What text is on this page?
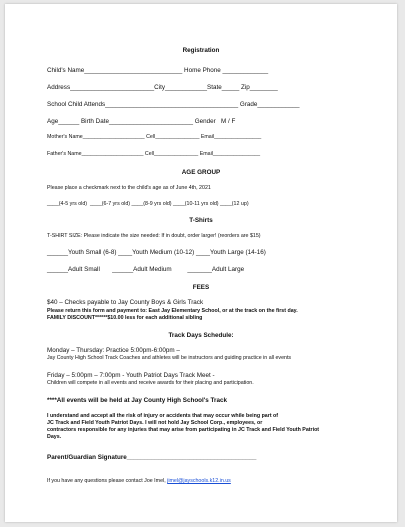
Registration
Child's Name____________________________ Home Phone _____________
Address________________________City____________State_____ Zip________
School Child Attends______________________________________ Grade____________
Age______ Birth Date________________________ Gender   M / F
Mother's Name_____________________ Cell_______________ Email________________
Father's Name_____________________ Cell_______________ Email________________
AGE GROUP
Please place a checkmark next to the child's age as of June 4th, 2021
____(4-5 yrs old)  ____(6-7 yrs old) ____(8-9 yrs old) ____(10-11 yrs old) ____(12 up)
T-Shirts
T-SHIRT SIZE: Please indicate the size needed: If in doubt, order larger! (reorders are $15)
______Youth Small (6-8) ____Youth Medium (10-12) ____Youth Large (14-16)
______Adult Small       ______Adult Medium         _______Adult Large
FEES
$40 – Checks payable to Jay County Boys & Girls Track
Please return this form and payment to: East Jay Elementary School, or at the track on the first day.
FAMILY DISCOUNT******$10.00 less for each additional sibling
Track Days Schedule:
Monday – Thursday: Practice 5:00pm-6:00pm –
Jay County High School Track Coaches and athletes will be instructors and guiding practice in all events
Friday – 5:00pm – 7:00pm - Youth Patriot Days Track Meet -
Children will compete in all events and receive awards for their placing and participation.
****All events will be held at Jay County High School's Track
I understand and accept all the risk of injury or accidents that may occur while being part of
JC Track and Field Youth Patriot Days. I will not hold Jay School Corp., employees, or
contractors responsible for any injuries that may arise from participating in JC Track and Field Youth Patriot
Days.
Parent/Guardian Signature_____________________________________
If you have any questions please contact Joe Imel, jimel@jayschools.k12.in.us
